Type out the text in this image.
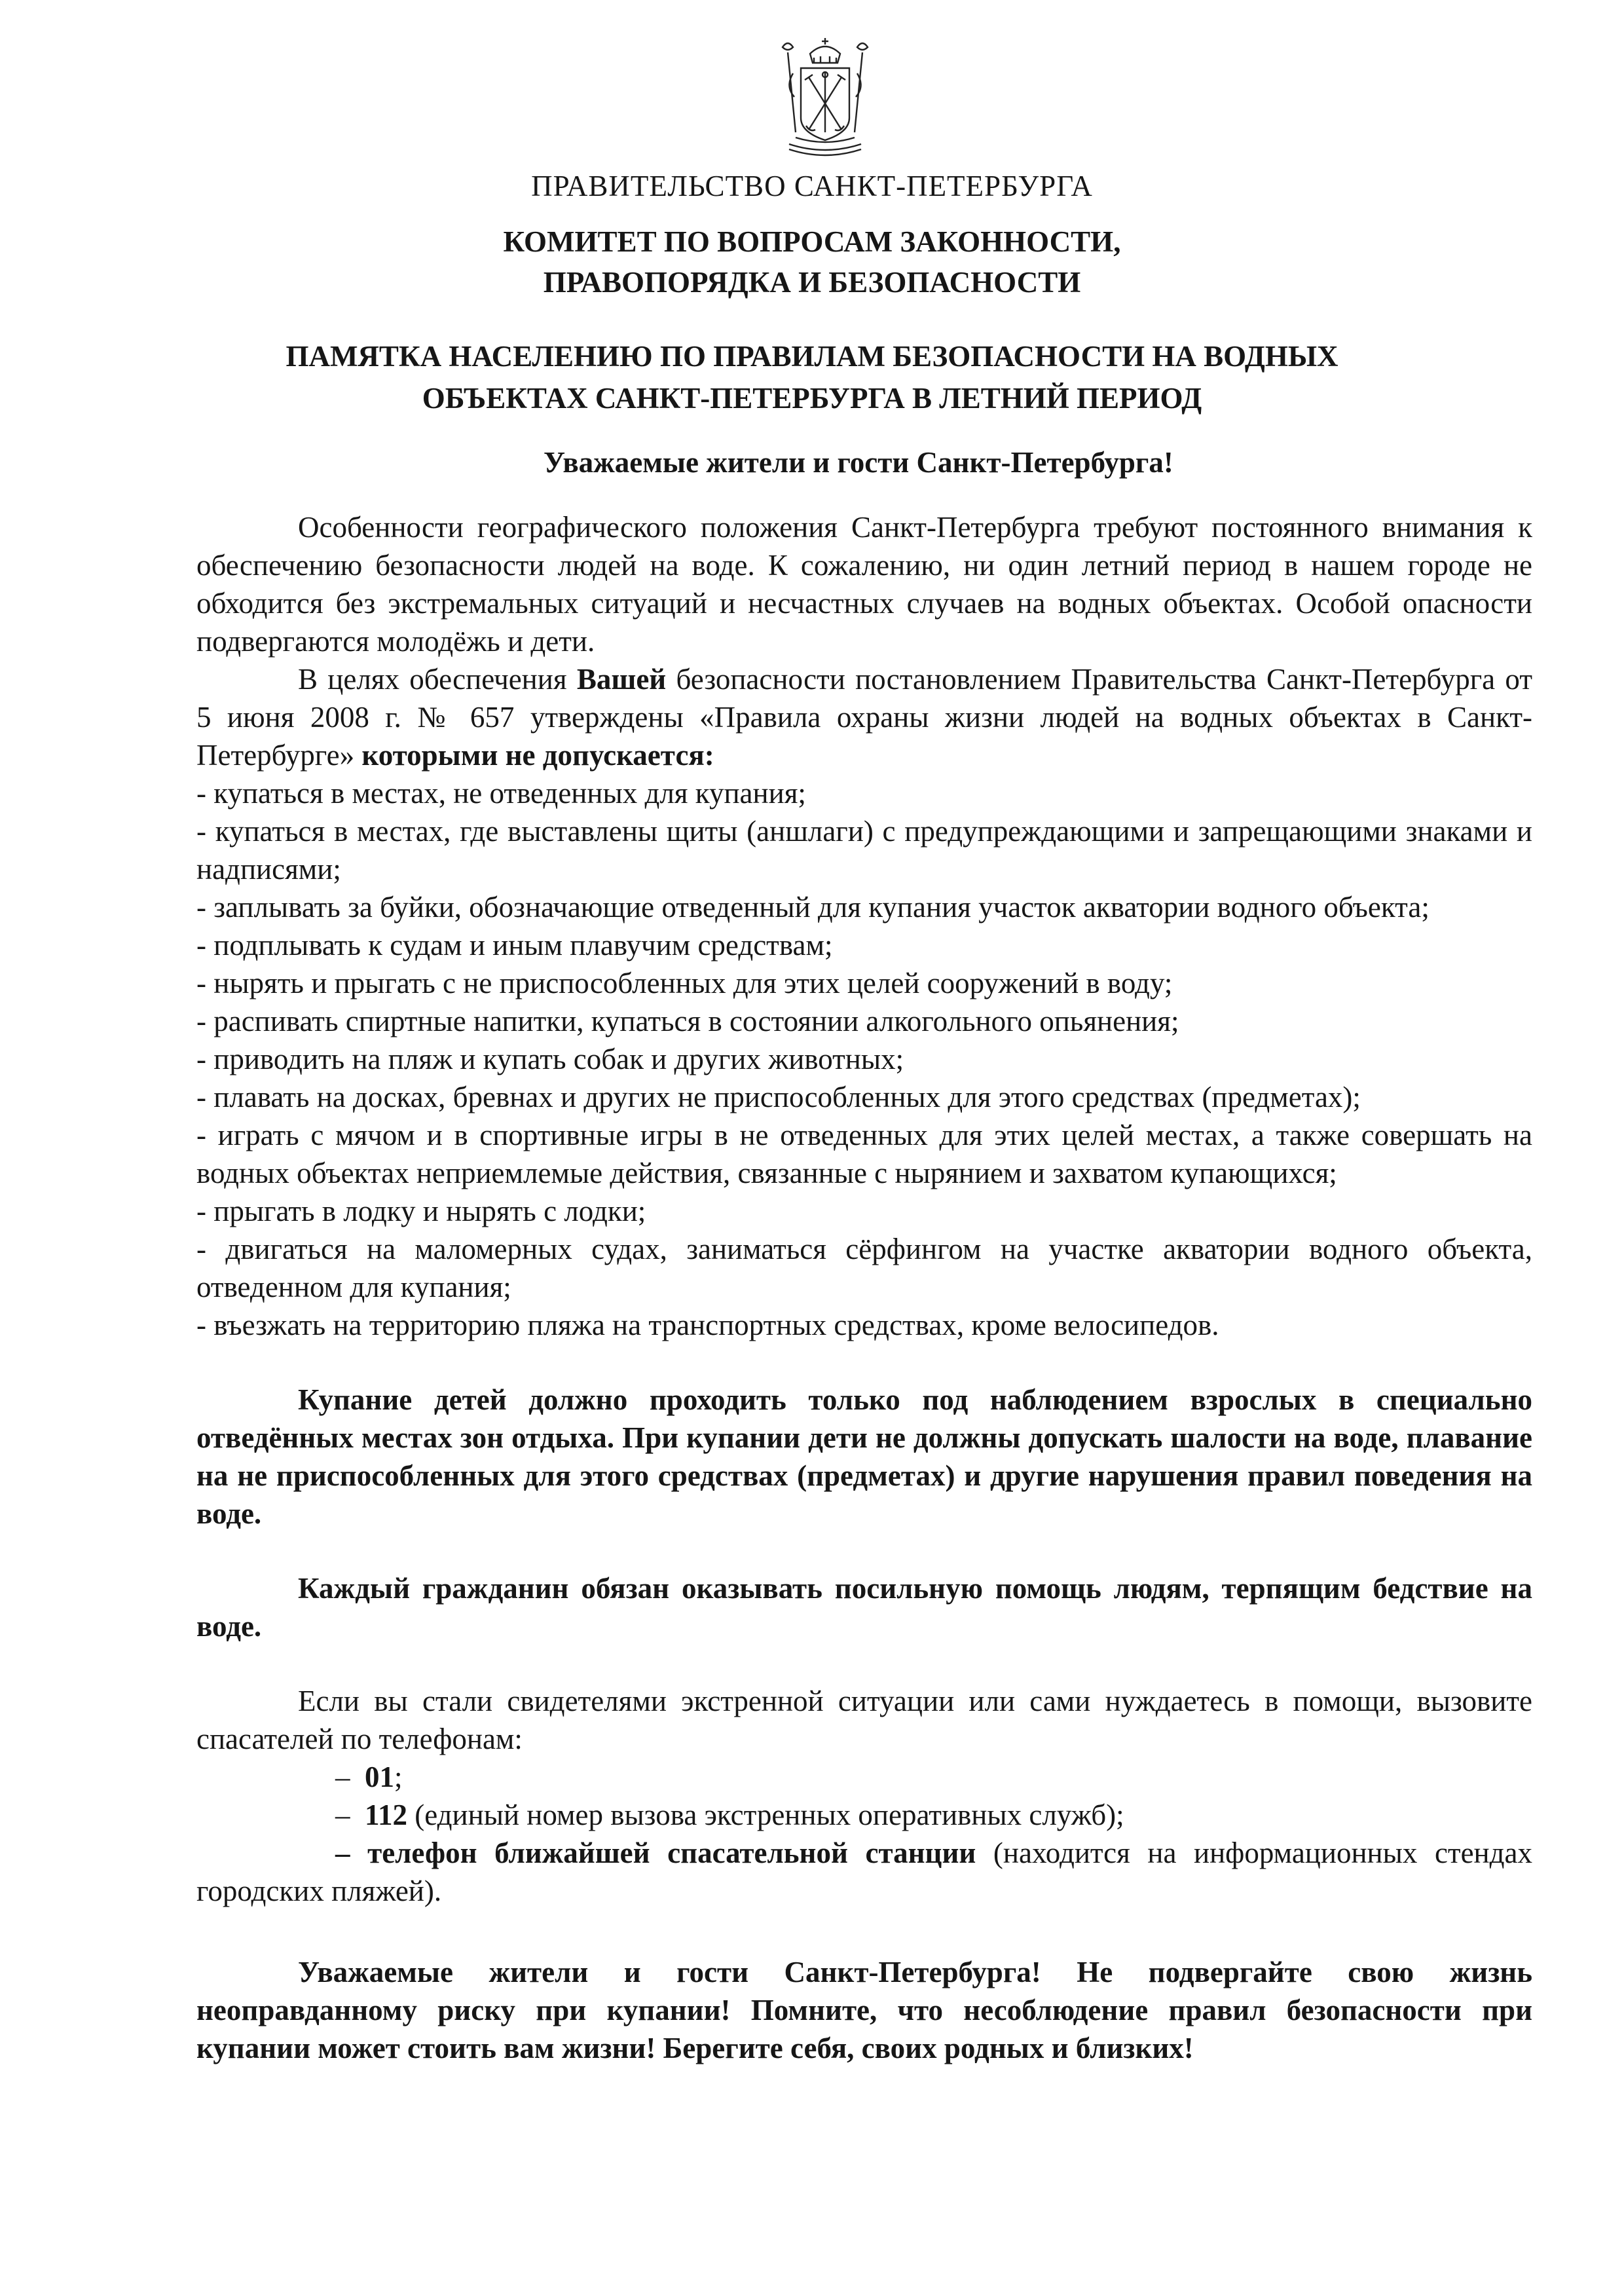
ПРАВИТЕЛЬСТВО САНКТ-ПЕТЕРБУРГА
КОМИТЕТ ПО ВОПРОСАМ ЗАКОННОСТИ,
ПРАВОПОРЯДКА И БЕЗОПАСНОСТИ
ПАМЯТКА НАСЕЛЕНИЮ ПО ПРАВИЛАМ БЕЗОПАСНОСТИ НА ВОДНЫХ
ОБЪЕКТАХ САНКТ-ПЕТЕРБУРГА В ЛЕТНИЙ ПЕРИОД
Уважаемые жители и гости Санкт-Петербурга!

Особенности географического положения Санкт-Петербурга требуют постоянного внимания к обеспечению безопасности людей на воде. К сожалению, ни один летний период в нашем городе не обходится без экстремальных ситуаций и несчастных случаев на водных объектах. Особой опасности подвергаются молодёжь и дети.

В целях обеспечения Вашей безопасности постановлением Правительства Санкт-Петербурга от 5 июня 2008 г. № 657 утверждены «Правила охраны жизни людей на водных объектах в Санкт-Петербурге» которыми не допускается:

- купаться в местах, не отведенных для купания;

- купаться в местах, где выставлены щиты (аншлаги) с предупреждающими и запрещающими знаками и надписями;

- заплывать за буйки, обозначающие отведенный для купания участок акватории водного объекта;

- подплывать к судам и иным плавучим средствам;

- нырять и прыгать с не приспособленных для этих целей сооружений в воду;

- распивать спиртные напитки, купаться в состоянии алкогольного опьянения;

- приводить на пляж и купать собак и других животных;

- плавать на досках, бревнах и других не приспособленных для этого средствах (предметах);

- играть с мячом и в спортивные игры в не отведенных для этих целей местах, а также совершать на водных объектах неприемлемые действия, связанные с нырянием и захватом купающихся;

- прыгать в лодку и нырять с лодки;

- двигаться на маломерных судах, заниматься сёрфингом на участке акватории водного объекта, отведенном для купания;

- въезжать на территорию пляжа на транспортных средствах, кроме велосипедов.

Купание детей должно проходить только под наблюдением взрослых в специально отведённых местах зон отдыха. При купании дети не должны допускать шалости на воде, плавание на не приспособленных для этого средствах (предметах) и другие нарушения правил поведения на воде.

Каждый гражданин обязан оказывать посильную помощь людям, терпящим бедствие на воде.

Если вы стали свидетелями экстренной ситуации или сами нуждаетесь в помощи, вызовите спасателей по телефонам:

– 01;

– 112 (единый номер вызова экстренных оперативных служб);

– телефон ближайшей спасательной станции (находится на информационных стендах городских пляжей).

Уважаемые жители и гости Санкт-Петербурга! Не подвергайте свою жизнь неоправданному риску при купании! Помните, что несоблюдение правил безопасности при купании может стоить вам жизни! Берегите себя, своих родных и близких!
